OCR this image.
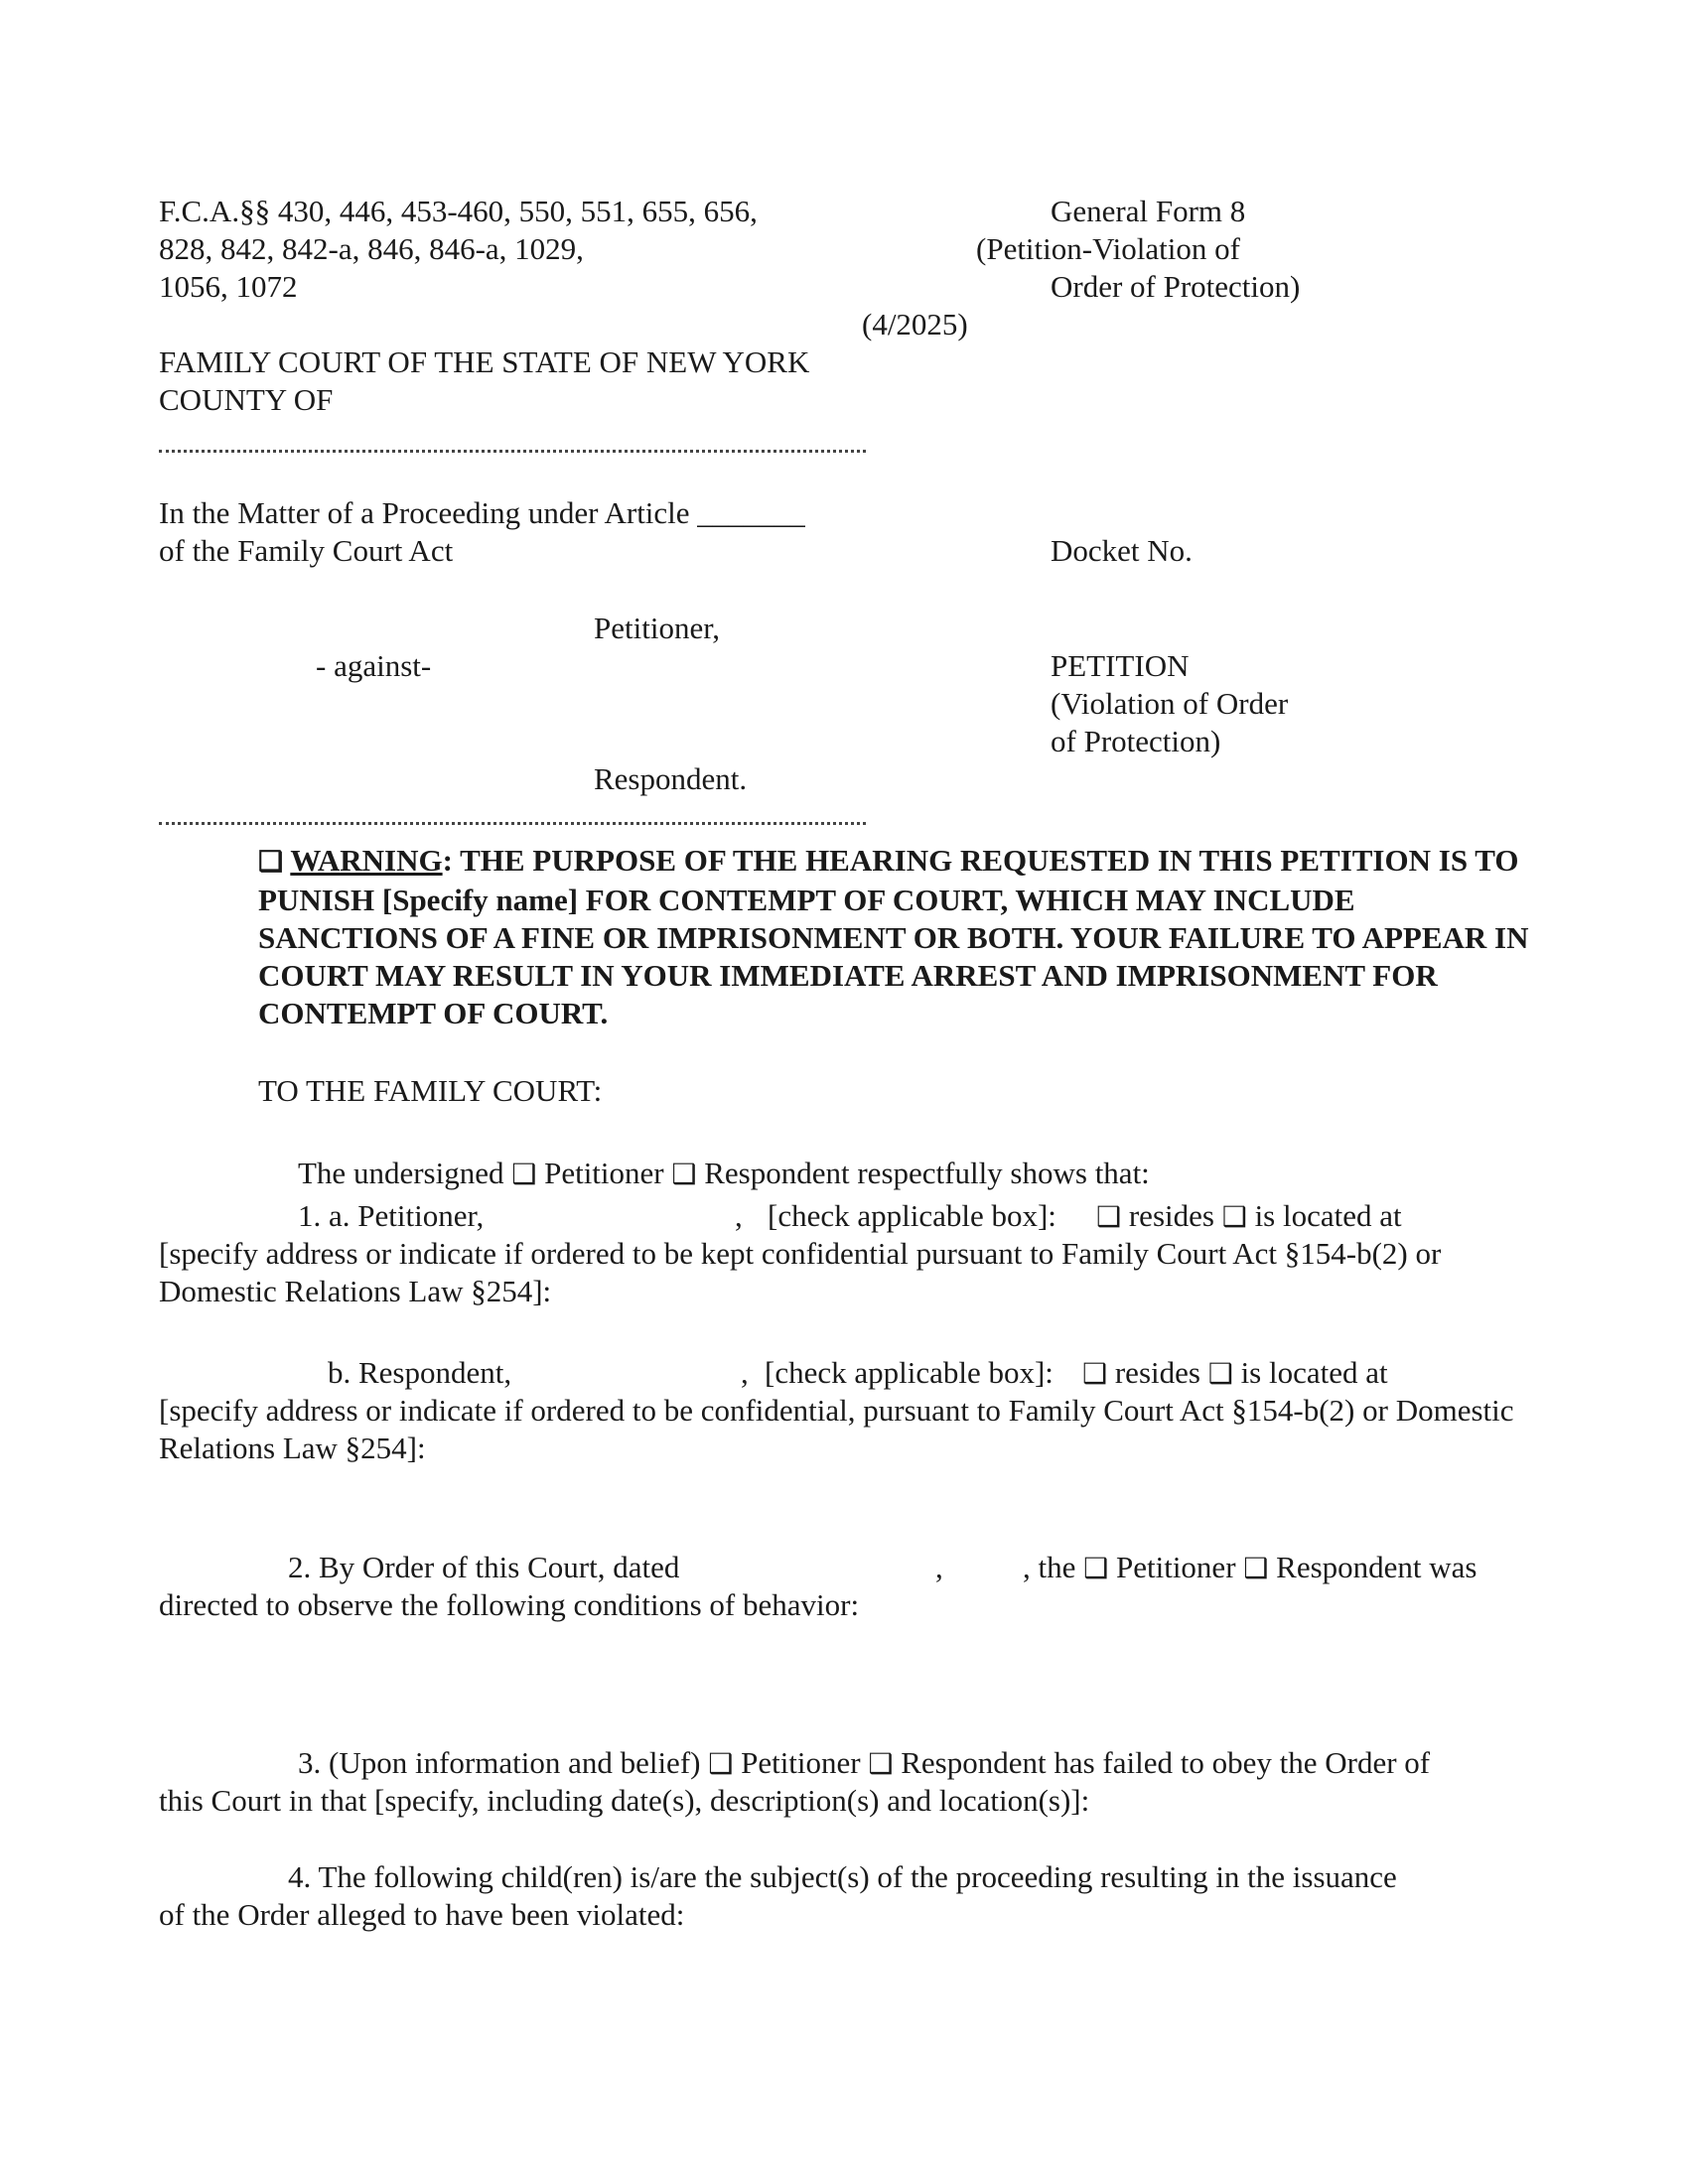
F.C.A.§§ 430, 446, 453-460, 550, 551, 655, 656,
828, 842, 842-a, 846, 846-a, 1029,
1056, 1072
General Form 8
(Petition-Violation of
Order of Protection)
(4/2025)
FAMILY COURT OF THE STATE OF NEW YORK
COUNTY OF
In the Matter of a Proceeding under Article _______
of the Family Court Act	Docket No.
Petitioner,
- against-	PETITION
(Violation of Order
of Protection)
Respondent.
❑ WARNING: THE PURPOSE OF THE HEARING REQUESTED IN THIS PETITION IS TO PUNISH [Specify name] FOR CONTEMPT OF COURT, WHICH MAY INCLUDE SANCTIONS OF A FINE OR IMPRISONMENT OR BOTH. YOUR FAILURE TO APPEAR IN COURT MAY RESULT IN YOUR IMMEDIATE ARREST AND IMPRISONMENT FOR CONTEMPT OF COURT.
TO THE FAMILY COURT:
The undersigned ❑ Petitioner ❑ Respondent respectfully shows that:
1. a. Petitioner,	, [check applicable box]: ❑ resides ❑ is located at
[specify address or indicate if ordered to be kept confidential pursuant to Family Court Act §154-b(2) or Domestic Relations Law §254]:
b. Respondent,	, [check applicable box]: ❑ resides ❑ is located at
[specify address or indicate if ordered to be confidential, pursuant to Family Court Act §154-b(2) or Domestic Relations Law §254]:
2. By Order of this Court, dated	,	, the ❑ Petitioner ❑ Respondent was
directed to observe the following conditions of behavior:
3. (Upon information and belief) ❑ Petitioner ❑ Respondent has failed to obey the Order of
this Court in that [specify, including date(s), description(s) and location(s)]:
4. The following child(ren) is/are the subject(s) of the proceeding resulting in the issuance
of the Order alleged to have been violated:
